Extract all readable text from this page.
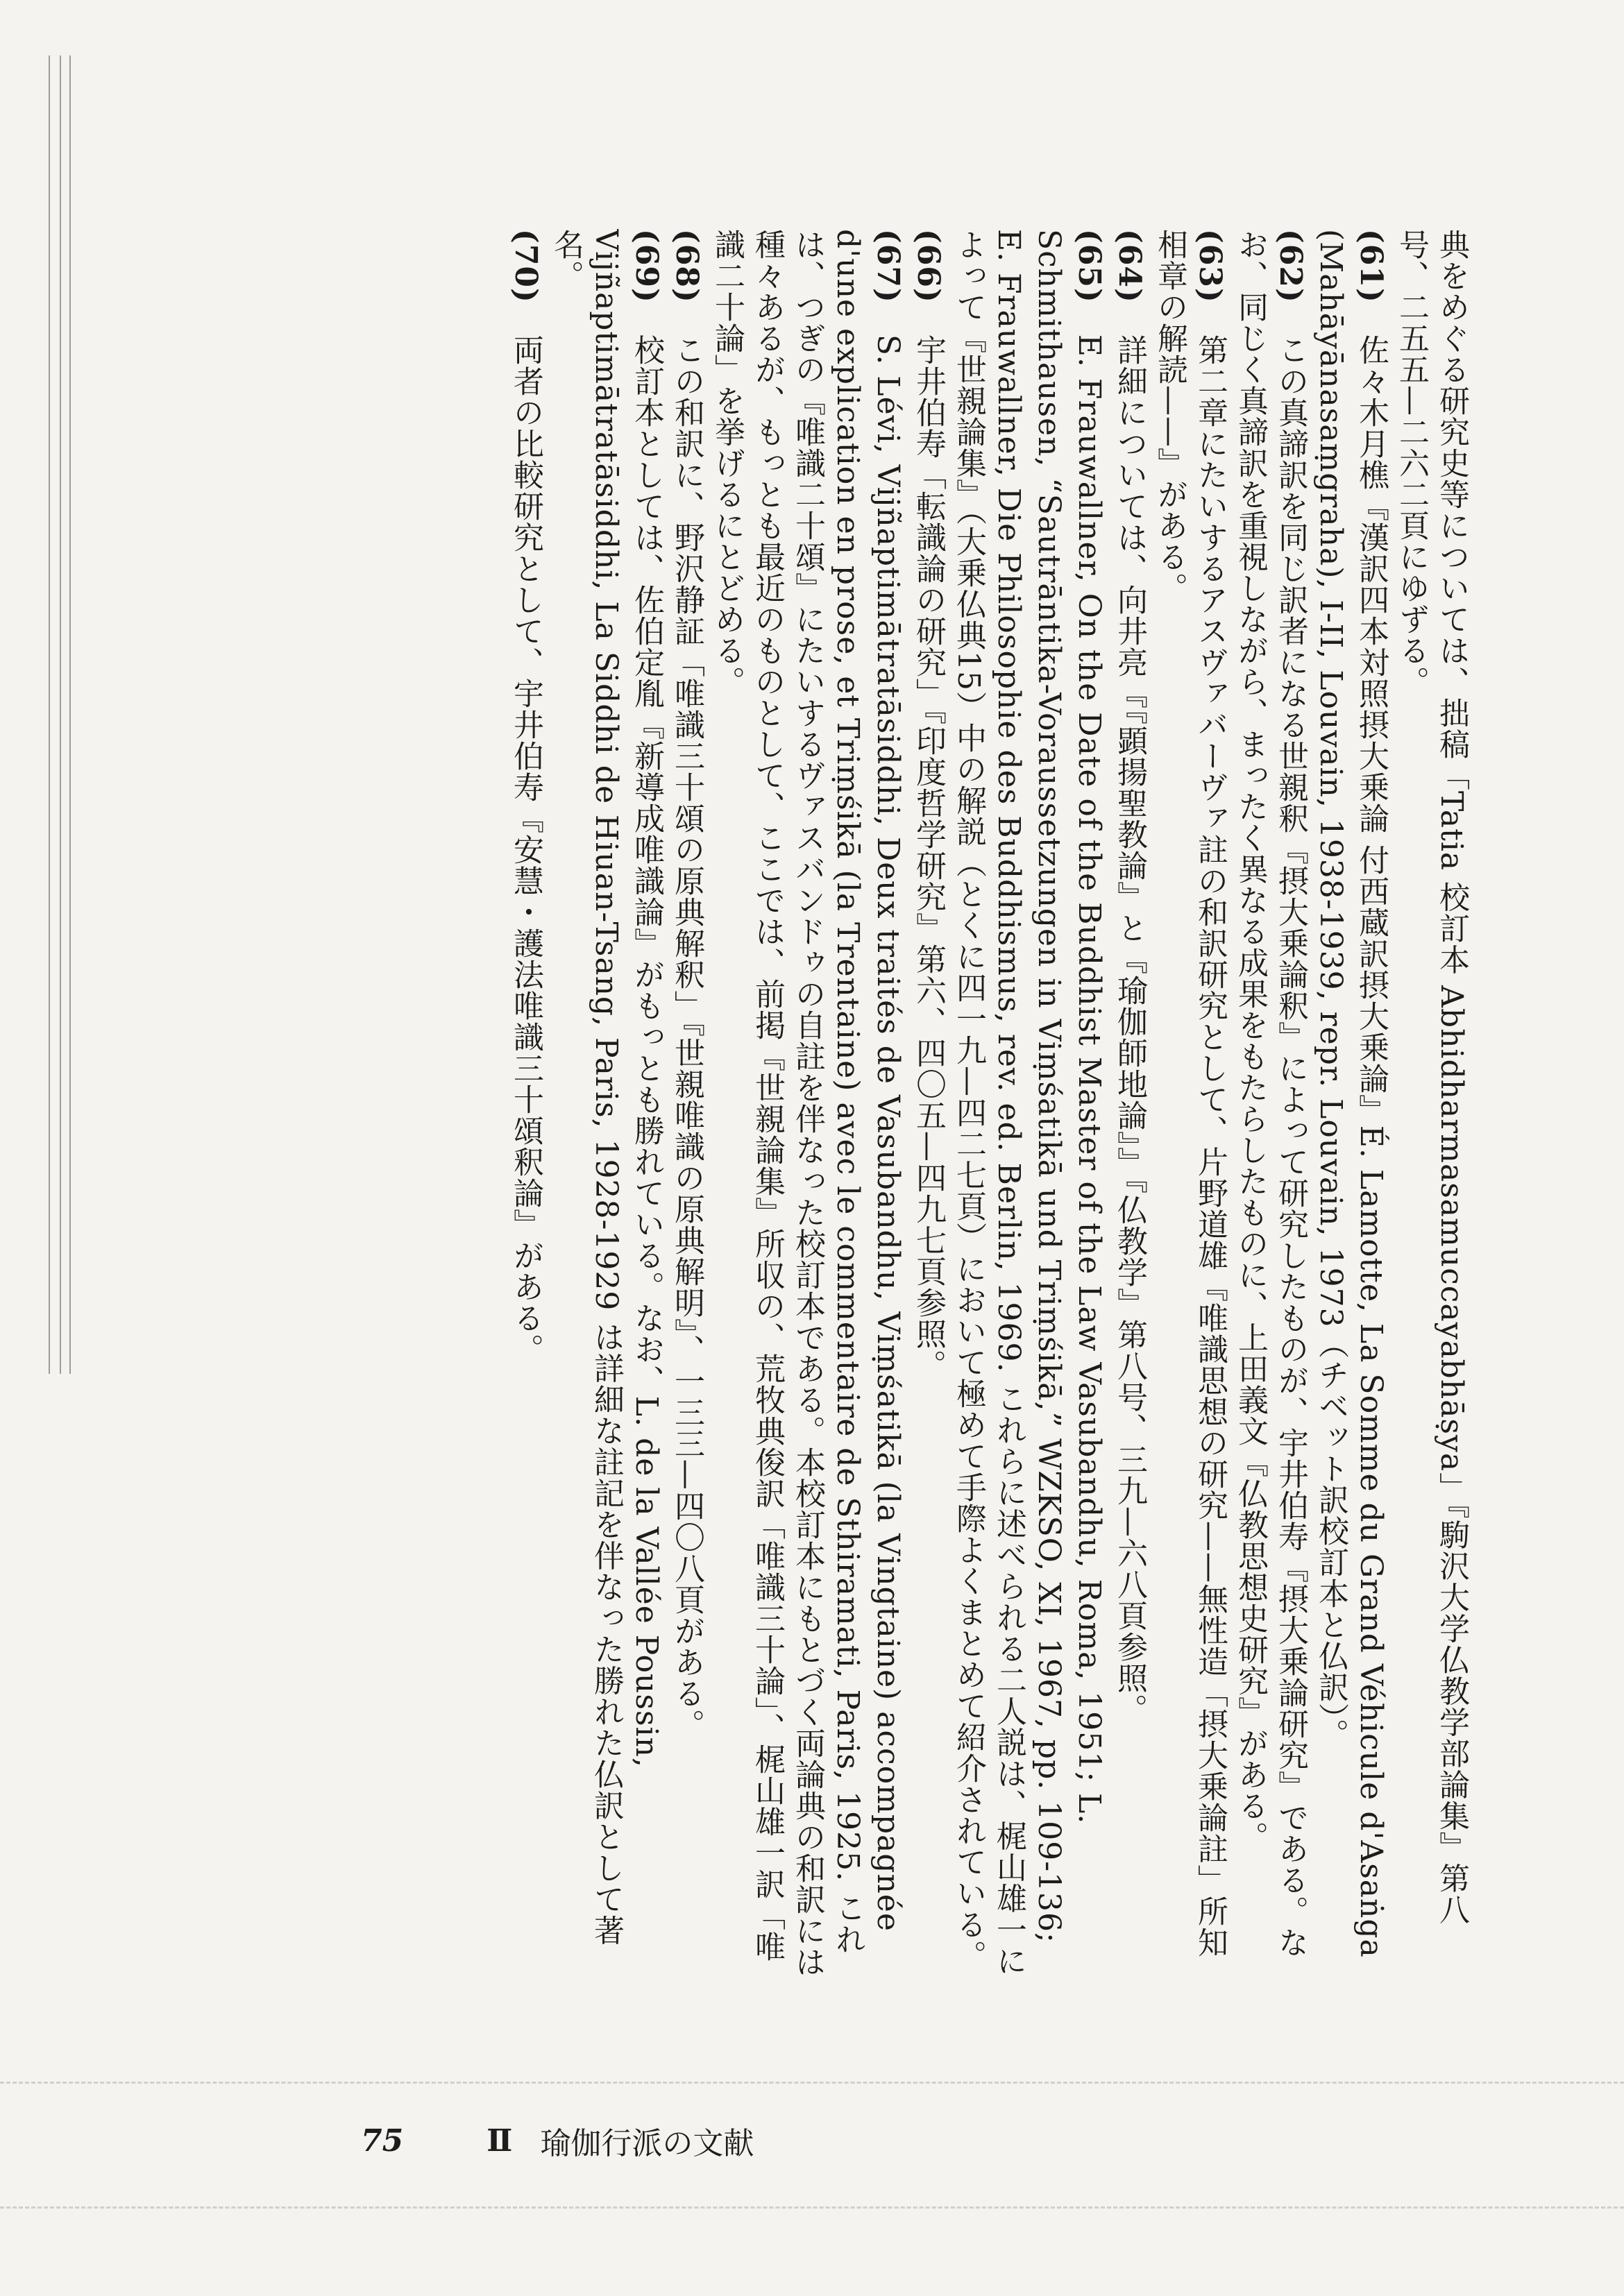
典をめぐる研究史等については、拙稿「Tatia 校訂本 Abhidharmasamuccayabhāṣya」『駒沢大学仏教学部論集』第八号、二五五—二六二頁にゆずる。

(61)　佐々木月樵『漢訳四本対照摂大乗論 付西蔵訳摂大乗論』É. Lamotte, La Somme du Grand Véhicule d'Asaṅga (Mahāyānasaṃgraha), I-II, Louvain, 1938-1939, repr. Louvain, 1973（チベット訳校訂本と仏訳）。

(62)　この真諦訳を同じ訳者になる世親釈『摂大乗論釈』によって研究したものが、宇井伯寿『摂大乗論研究』である。なお、同じく真諦訳を重視しながら、まったく異なる成果をもたらしたものに、上田義文『仏教思想史研究』がある。

(63)　第二章にたいするアスヴァバーヴァ註の和訳研究として、片野道雄『唯識思想の研究——無性造「摂大乗論註」所知相章の解読——』がある。

(64)　詳細については、向井亮『『顕揚聖教論』と『瑜伽師地論』』『仏教学』第八号、三九—六八頁参照。

(65)　E. Frauwallner, On the Date of the Buddhist Master of the Law Vasubandhu, Roma, 1951; L. Schmithausen, “Sautrāntika-Voraussetzungen in Viṃśatikā und Triṃśikā,” WZKSO, XI, 1967, pp. 109-136; E. Frauwallner, Die Philosophie des Buddhismus, rev. ed. Berlin, 1969. これらに述べられる二人説は、梶山雄一によって『世親論集』（大乗仏典15）中の解説（とくに四一九—四二七頁）において極めて手際よくまとめて紹介されている。

(66)　宇井伯寿「転識論の研究」『印度哲学研究』第六、四〇五—四九七頁参照。

(67)　S. Lévi, Vijñaptimātratāsiddhi, Deux traités de Vasubandhu, Viṃśatikā (la Vingtaine) accompagnée d'une explication en prose, et Triṃśikā (la Trentaine) avec le commentaire de Sthiramati, Paris, 1925. これは、つぎの『唯識二十頌』にたいするヴァスバンドゥの自註を伴なった校訂本である。本校訂本にもとづく両論典の和訳には種々あるが、もっとも最近のものとして、ここでは、前掲『世親論集』所収の、荒牧典俊訳「唯識三十論」、梶山雄一訳「唯識二十論」を挙げるにとどめる。

(68)　この和訳に、野沢静証「唯識三十頌の原典解釈」『世親唯識の原典解明』、一三三—四〇八頁がある。

(69)　校訂本としては、佐伯定胤『新導成唯識論』がもっとも勝れている。なお、L. de la Vallée Poussin, Vijñaptimātratāsiddhi, La Siddhi de Hiuan-Tsang, Paris, 1928-1929 は詳細な註記を伴なった勝れた仏訳として著名。

(70)　両者の比較研究として、宇井伯寿『安慧・護法唯識三十頌釈論』がある。

75	Ⅱ 瑜伽行派の文献
